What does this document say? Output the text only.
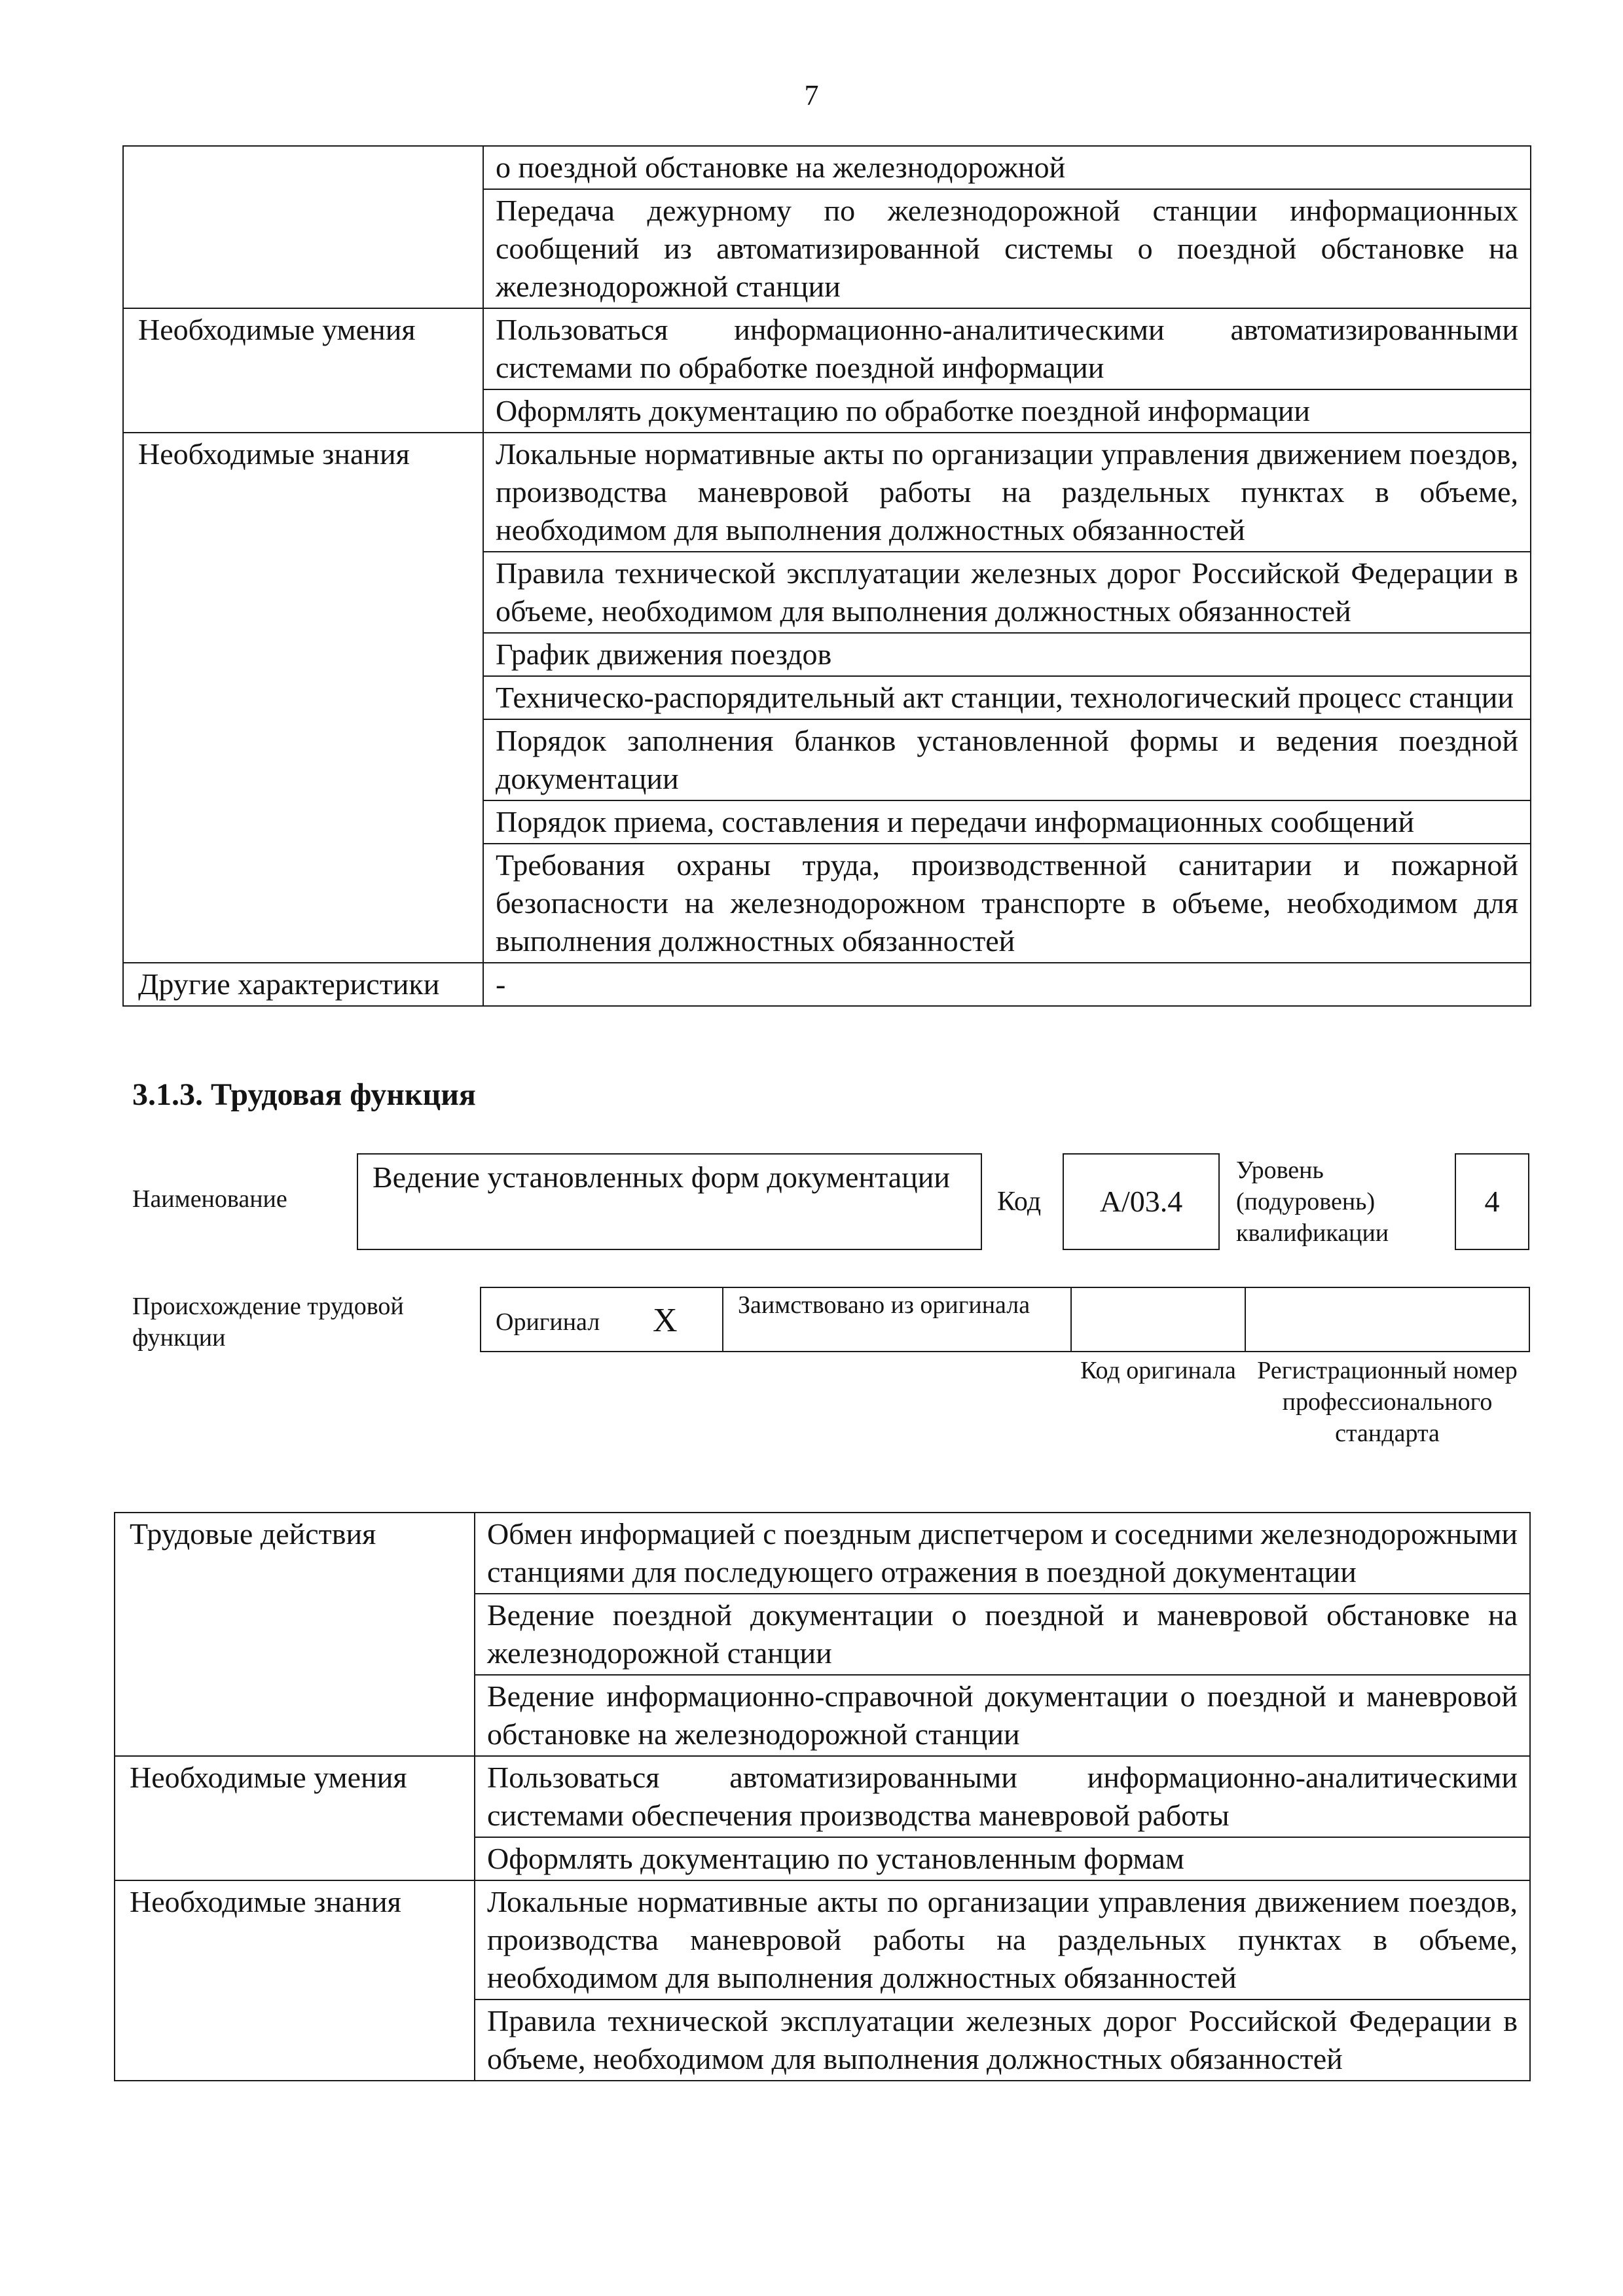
7
	о поездной обстановке на железнодорожной
	Передача дежурному по железнодорожной станции информационных сообщений из автоматизированной системы о поездной обстановке на железнодорожной станции
Необходимые умения	Пользоваться информационно-аналитическими автоматизированными системами по обработке поездной информации
	Оформлять документацию по обработке поездной информации
Необходимые знания	Локальные нормативные акты по организации управления движением поездов, производства маневровой работы на раздельных пунктах в объеме, необходимом для выполнения должностных обязанностей
	Правила технической эксплуатации железных дорог Российской Федерации в объеме, необходимом для выполнения должностных обязанностей
	График движения поездов
	Техническо-распорядительный акт станции, технологический процесс станции
	Порядок заполнения бланков установленной формы и ведения поездной документации
	Порядок приема, составления и передачи информационных сообщений
	Требования охраны труда, производственной санитарии и пожарной безопасности на железнодорожном транспорте в объеме, необходимом для выполнения должностных обязанностей
Другие характеристики	-
3.1.3. Трудовая функция
Наименование
Ведение установленных форм документации
Код	A/03.4
Уровень (подуровень) квалификации
4
Происхождение трудовой функции
Оригинал X Заимствовано из оригинала
Код оригинала Регистрационный номер профессионального стандарта
Трудовые действия	Обмен информацией с поездным диспетчером и соседними железнодорожными станциями для последующего отражения в поездной документации
	Ведение поездной документации о поездной и маневровой обстановке на железнодорожной станции
	Ведение информационно-справочной документации о поездной и маневровой обстановке на железнодорожной станции
Необходимые умения	Пользоваться автоматизированными информационно-аналитическими системами обеспечения производства маневровой работы
	Оформлять документацию по установленным формам
Необходимые знания	Локальные нормативные акты по организации управления движением поездов, производства маневровой работы на раздельных пунктах в объеме, необходимом для выполнения должностных обязанностей
	Правила технической эксплуатации железных дорог Российской Федерации в объеме, необходимом для выполнения должностных обязанностей
